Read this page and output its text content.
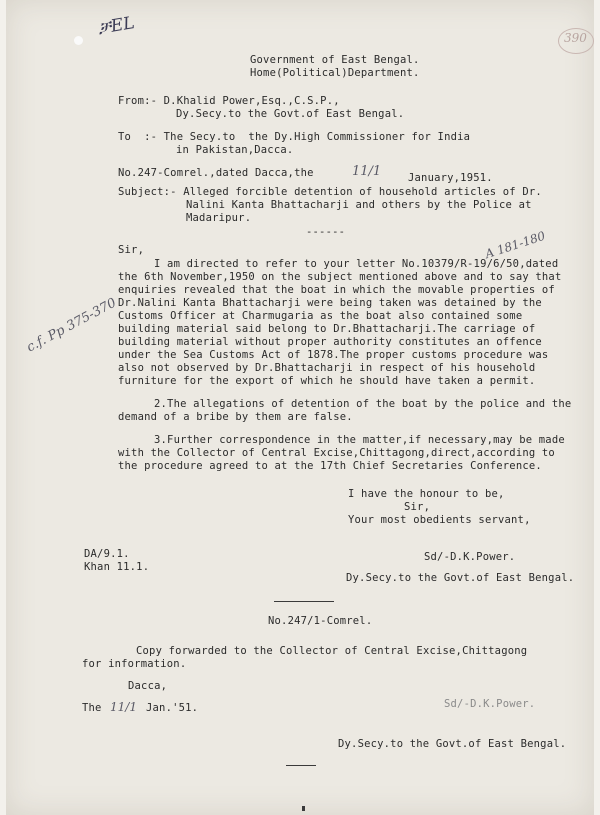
ቻEL	390
A 181-180
c.f. Pp 375-370
Government of East Bengal.
Home(Political)Department.
From:- D.Khalid Power,Esq.,C.S.P.,
Dy.Secy.to the Govt.of East Bengal.
To  :- The Secy.to  the Dy.High Commissioner for India
in Pakistan,Dacca.
No.247-Comrel.,dated Dacca,the	11/1	January,1951.
Subject:- Alleged forcible detention of household articles of Dr.
Nalini Kanta Bhattacharji and others by the Police at
Madaripur.
------
Sir,
I am directed to refer to your letter No.10379/R-19/6/50,dated
the 6th November,1950 on the subject mentioned above and to say that
enquiries revealed that the boat in which the movable properties of
Dr.Nalini Kanta Bhattacharji were being taken was detained by the
Customs Officer at Charmugaria as the boat also contained some
building material said belong to Dr.Bhattacharji.The carriage of
building material without proper authority constitutes an offence
under the Sea Customs Act of 1878.The proper customs procedure was
also not observed by Dr.Bhattacharji in respect of his household
furniture for the export of which he should have taken a permit.
2.The allegations of detention of the boat by the police and the
demand of a bribe by them are false.
3.Further correspondence in the matter,if necessary,may be made
with the Collector of Central Excise,Chittagong,direct,according to
the procedure agreed to at the 17th Chief Secretaries Conference.
I have the honour to be,
Sir,
Your most obedients servant,
DA/9.1.
Khan 11.1.
Sd/-D.K.Power.
Dy.Secy.to the Govt.of East Bengal.
No.247/1-Comrel.
Copy forwarded to the Collector of Central Excise,Chittagong
for information.
Dacca,
The 11/1 Jan.'51.	Sd/-D.K.Power.
Dy.Secy.to the Govt.of East Bengal.
